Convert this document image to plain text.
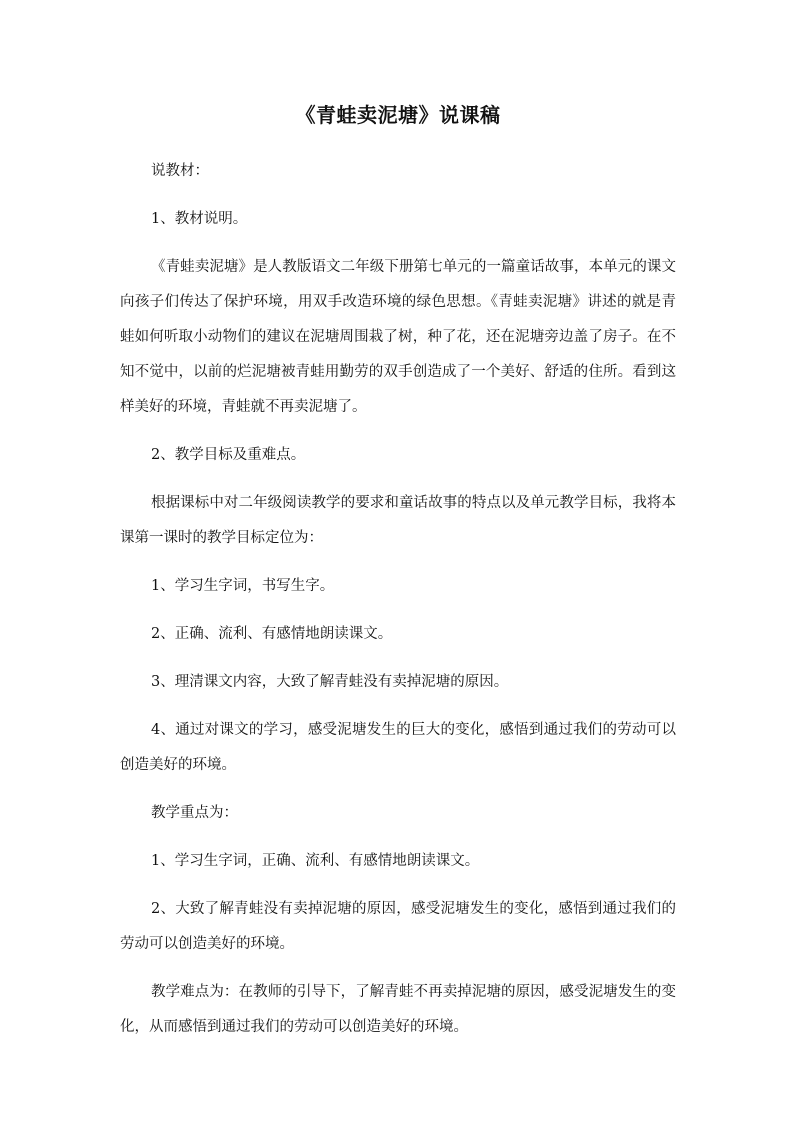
《青蛙卖泥塘》说课稿

说教材：

1、教材说明。

《青蛙卖泥塘》是人教版语文二年级下册第七单元的一篇童话故事，本单元的课文向孩子们传达了保护环境，用双手改造环境的绿色思想。《青蛙卖泥塘》讲述的就是青蛙如何听取小动物们的建议在泥塘周围栽了树，种了花，还在泥塘旁边盖了房子。在不知不觉中，以前的烂泥塘被青蛙用勤劳的双手创造成了一个美好、舒适的住所。看到这样美好的环境，青蛙就不再卖泥塘了。

2、教学目标及重难点。

根据课标中对二年级阅读教学的要求和童话故事的特点以及单元教学目标，我将本课第一课时的教学目标定位为：

1、学习生字词，书写生字。

2、正确、流利、有感情地朗读课文。

3、理清课文内容，大致了解青蛙没有卖掉泥塘的原因。

4、通过对课文的学习，感受泥塘发生的巨大的变化，感悟到通过我们的劳动可以创造美好的环境。

教学重点为：

1、学习生字词，正确、流利、有感情地朗读课文。

2、大致了解青蛙没有卖掉泥塘的原因，感受泥塘发生的变化，感悟到通过我们的劳动可以创造美好的环境。

教学难点为：在教师的引导下，了解青蛙不再卖掉泥塘的原因，感受泥塘发生的变化，从而感悟到通过我们的劳动可以创造美好的环境。
